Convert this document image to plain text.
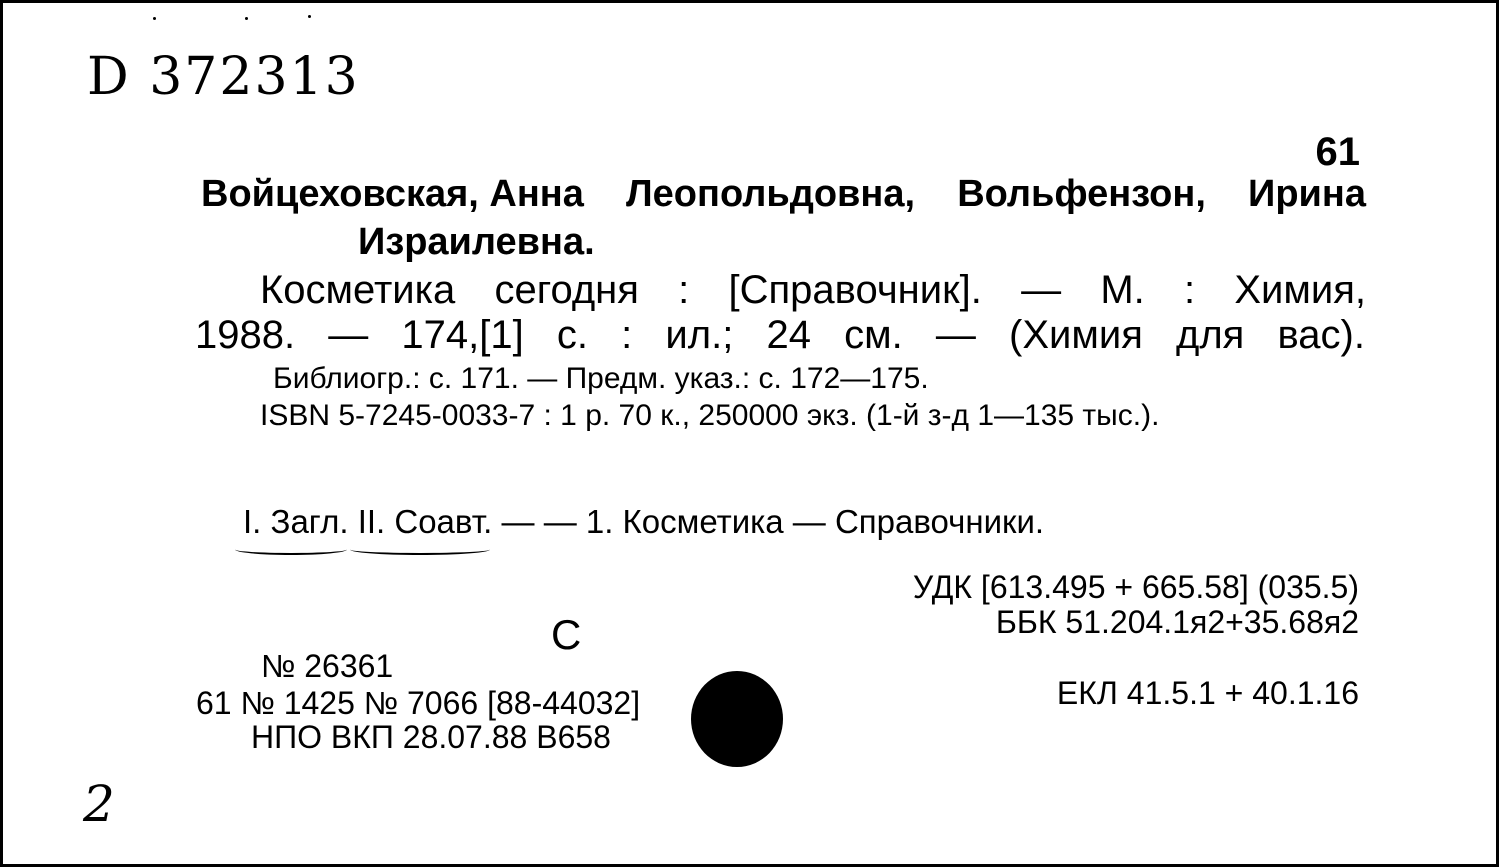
D 372313
61
Войцеховская, Анна Леопольдовна, Вольфензон, Ирина
Израилевна.
Косметика сегодня : [Справочник]. — М. : Химия,
1988. — 174,[1] с. : ил.; 24 см. — (Химия для вас).
Библиогр.: с. 171. — Предм. указ.: с. 172—175.
ISBN 5-7245-0033-7 : 1 р. 70 к., 250000 экз. (1-й з-д 1—135 тыс.).
I. Загл. II. Соавт. — — 1. Косметика — Справочники.
УДК [613.495 + 665.58] (035.5)
ББК 51.204.1я2+35.68я2
ЕКЛ 41.5.1 + 40.1.16
С
№ 26361
61 № 1425 № 7066 [88-44032]
НПО ВКП 28.07.88 В658
2
